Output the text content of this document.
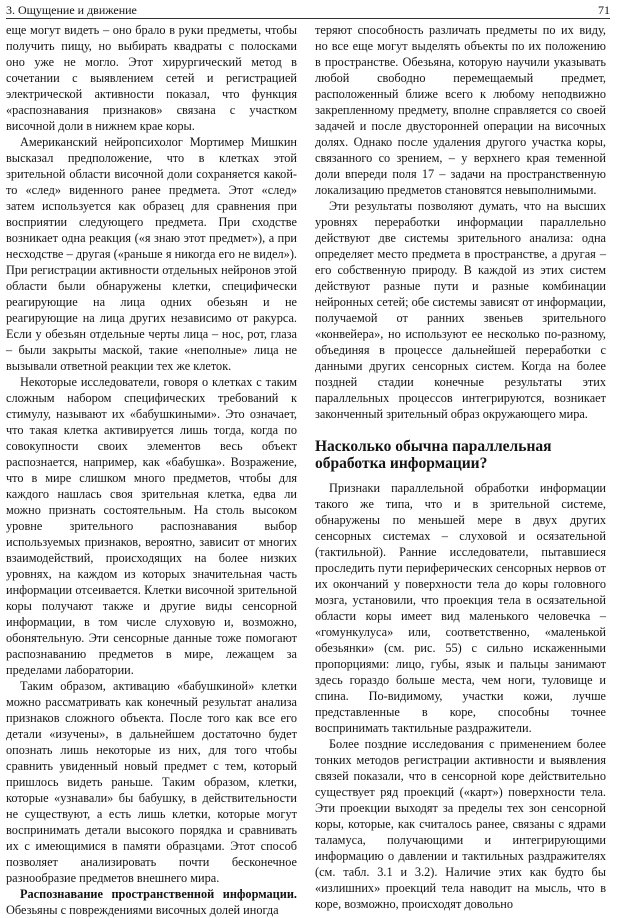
3. Ощущение и движение	71

еще могут видеть – оно брало в руки предметы, чтобы получить пищу, но выбирать квадраты с полосками оно уже не могло. Этот хирургический метод в сочетании с выявлением сетей и регистрацией электрической активности показал, что функция «распознавания признаков» связана с участком височной доли в нижнем крае коры.

Американский нейропсихолог Мортимер Мишкин высказал предположение, что в клетках этой зрительной области височной доли сохраняется какой-то «след» виденного ранее предмета. Этот «след» затем используется как образец для сравнения при восприятии следующего предмета. При сходстве возникает одна реакция («я знаю этот предмет»), а при несходстве – другая («раньше я никогда его не видел»). При регистрации активности отдельных нейронов этой области были обнаружены клетки, специфически реагирующие на лица одних обезьян и не реагирующие на лица других независимо от ракурса. Если у обезьян отдельные черты лица – нос, рот, глаза – были закрыты маской, такие «неполные» лица не вызывали ответной реакции тех же клеток.

Некоторые исследователи, говоря о клетках с таким сложным набором специфических требований к стимулу, называют их «бабушкиными». Это означает, что такая клетка активируется лишь тогда, когда по совокупности своих элементов весь объект распознается, например, как «бабушка». Возражение, что в мире слишком много предметов, чтобы для каждого нашлась своя зрительная клетка, едва ли можно признать состоятельным. На столь высоком уровне зрительного распознавания выбор используемых признаков, вероятно, зависит от многих взаимодействий, происходящих на более низких уровнях, на каждом из которых значительная часть информации отсеивается. Клетки височной зрительной коры получают также и другие виды сенсорной информации, в том числе слуховую и, возможно, обонятельную. Эти сенсорные данные тоже помогают распознаванию предметов в мире, лежащем за пределами лаборатории.

Таким образом, активацию «бабушкиной» клетки можно рассматривать как конечный результат анализа признаков сложного объекта. После того как все его детали «изучены», в дальнейшем достаточно будет опознать лишь некоторые из них, для того чтобы сравнить увиденный новый предмет с тем, который пришлось видеть раньше. Таким образом, клетки, которые «узнавали» бы бабушку, в действительности не существуют, а есть лишь клетки, которые могут воспринимать детали высокого порядка и сравнивать их с имеющимися в памяти образцами. Этот способ позволяет анализировать почти бесконечное разнообразие предметов внешнего мира.

Распознавание пространственной информации. Обезьяны с повреждениями височных долей иногда

теряют способность различать предметы по их виду, но все еще могут выделять объекты по их положению в пространстве. Обезьяна, которую научили указывать любой свободно перемещаемый предмет, расположенный ближе всего к любому неподвижно закрепленному предмету, вполне справляется со своей задачей и после двусторонней операции на височных долях. Однако после удаления другого участка коры, связанного со зрением, – у верхнего края теменной доли впереди поля 17 – задачи на пространственную локализацию предметов становятся невыполнимыми.

Эти результаты позволяют думать, что на высших уровнях переработки информации параллельно действуют две системы зрительного анализа: одна определяет место предмета в пространстве, а другая – его собственную природу. В каждой из этих систем действуют разные пути и разные комбинации нейронных сетей; обе системы зависят от информации, получаемой от ранних звеньев зрительного «конвейера», но используют ее несколько по-разному, объединяя в процессе дальнейшей переработки с данными других сенсорных систем. Когда на более поздней стадии конечные результаты этих параллельных процессов интегрируются, возникает законченный зрительный образ окружающего мира.

Насколько обычна параллельная обработка информации?

Признаки параллельной обработки информации такого же типа, что и в зрительной системе, обнаружены по меньшей мере в двух других сенсорных системах – слуховой и осязательной (тактильной). Ранние исследователи, пытавшиеся проследить пути периферических сенсорных нервов от их окончаний у поверхности тела до коры головного мозга, установили, что проекция тела в осязательной области коры имеет вид маленького человечка – «гомункулуса» или, соответственно, «маленькой обезьянки» (см. рис. 55) с сильно искаженными пропорциями: лицо, губы, язык и пальцы занимают здесь гораздо больше места, чем ноги, туловище и спина. По-видимому, участки кожи, лучше представленные в коре, способны точнее воспринимать тактильные раздражители.

Более поздние исследования с применением более тонких методов регистрации активности и выявления связей показали, что в сенсорной коре действительно существует ряд проекций («карт») поверхности тела. Эти проекции выходят за пределы тех зон сенсорной коры, которые, как считалось ранее, связаны с ядрами таламуса, получающими и интегрирующими информацию о давлении и тактильных раздражителях (см. табл. 3.1 и 3.2). Наличие этих как будто бы «излишних» проекций тела наводит на мысль, что в коре, возможно, происходят довольно
